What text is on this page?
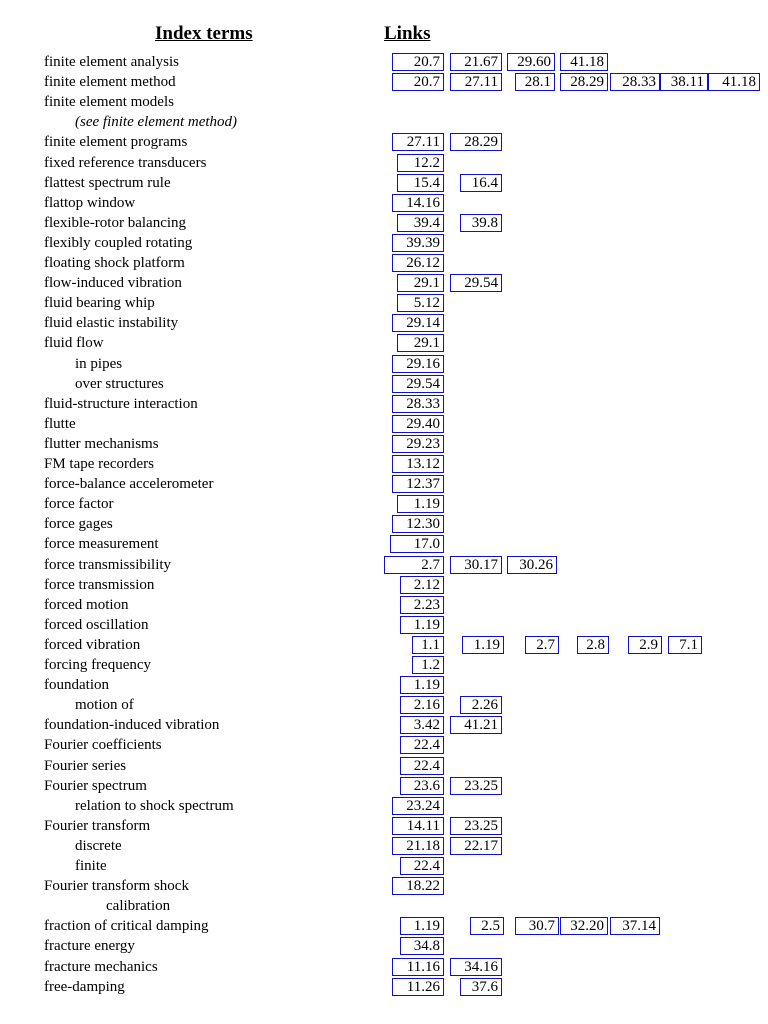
Index terms	Links
finite element analysis	20.7	21.67	29.60	41.18
finite element method	20.7	27.11	28.1	28.29	28.33 38.11	41.18
finite element models
(see finite element method)
finite element programs	27.11	28.29
fixed reference transducers	12.2
flattest spectrum rule	15.4	16.4
flattop window	14.16
flexible-rotor balancing	39.4	39.8
flexibly coupled rotating	39.39
floating shock platform	26.12
flow-induced vibration	29.1	29.54
fluid bearing whip	5.12
fluid elastic instability	29.14
fluid flow	29.1
in pipes	29.16
over structures	29.54
fluid-structure interaction	28.33
flutte	29.40
flutter mechanisms	29.23
FM tape recorders	13.12
force-balance accelerometer	12.37
force factor	1.19
force gages	12.30
force measurement	17.0
force transmissibility	2.7	30.17	30.26
force transmission	2.12
forced motion	2.23
forced oscillation	1.19
forced vibration	1.1	1.19	2.7	2.8	2.9	7.1
forcing frequency	1.2
foundation	1.19
motion of	2.16	2.26
foundation-induced vibration	3.42	41.21
Fourier coefficients	22.4
Fourier series	22.4
Fourier spectrum	23.6	23.25
relation to shock spectrum	23.24
Fourier transform	14.11	23.25
discrete	21.18	22.17
finite	22.4
Fourier transform shock	18.22
calibration
fraction of critical damping	1.19	2.5	30.7	32.20	37.14
fracture energy	34.8
fracture mechanics	11.16	34.16
free-damping	11.26	37.6
